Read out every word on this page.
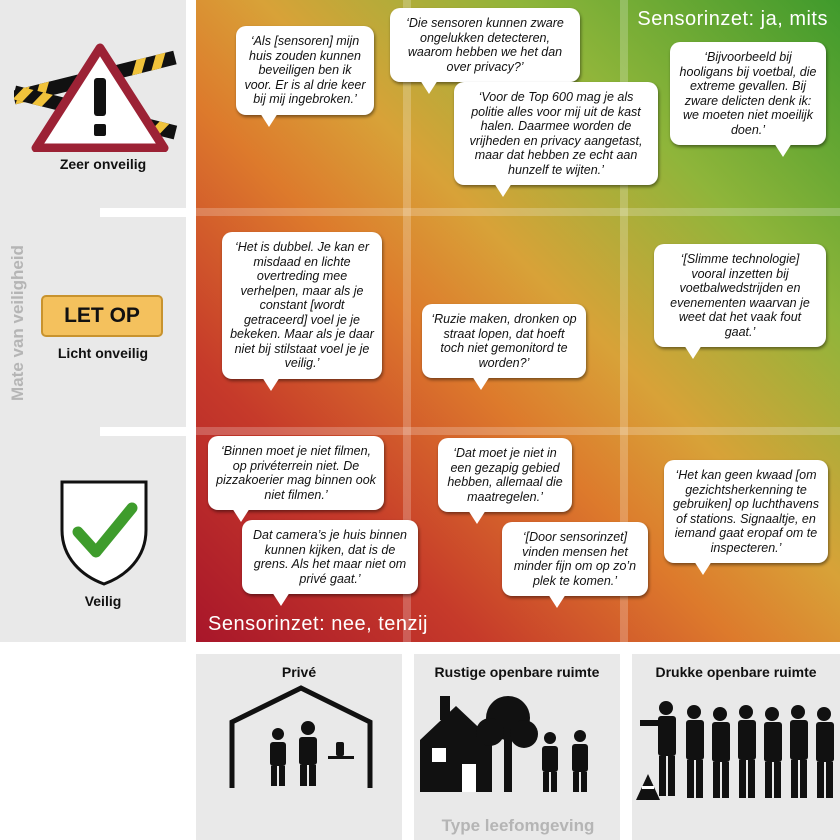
Mate van veiligheid
Zeer onveilig
LET OP
Licht onveilig
Veilig
Sensorinzet: ja, mits
Sensorinzet: nee, tenzij
‘Als [sensoren] mijn huis zouden kunnen beveiligen ben ik voor. Er is al drie keer bij mij ingebroken.’
‘Die sensoren kunnen zware ongelukken detecteren, waarom hebben we het dan over privacy?’
‘Voor de Top 600 mag je als politie alles voor mij uit de kast halen. Daarmee worden de vrijheden en privacy aangetast, maar dat hebben ze echt aan hunzelf te wijten.’
‘Bijvoorbeeld bij hooligans bij voetbal, die extreme gevallen. Bij zware delicten denk ik: we moeten niet moeilijk doen.’
‘Het is dubbel. Je kan er misdaad en lichte overtreding mee verhelpen, maar als je constant [wordt getraceerd] voel je je bekeken. Maar als je daar niet bij stilstaat voel je je veilig.’
‘Ruzie maken, dronken op straat lopen, dat hoeft toch niet gemonitord te worden?’
‘[Slimme technologie] vooral inzetten bij voetbalwedstrijden en evenementen waarvan je weet dat het vaak fout gaat.’
‘Binnen moet je niet filmen, op privéterrein niet. De pizzakoerier mag binnen ook niet filmen.’
Dat camera’s je huis binnen kunnen kijken, dat is de grens. Als het maar niet om privé gaat.’
‘Dat moet je niet in een gezapig gebied hebben, allemaal die maatregelen.’
‘[Door sensorinzet] vinden mensen het minder fijn om op zo’n plek te komen.’
‘Het kan geen kwaad [om gezichtsherkenning te gebruiken] op luchthavens of stations. Signaaltje, en iemand gaat eropaf om te inspecteren.’
Privé	Rustige openbare ruimte	Drukke openbare ruimte
Type leefomgeving
